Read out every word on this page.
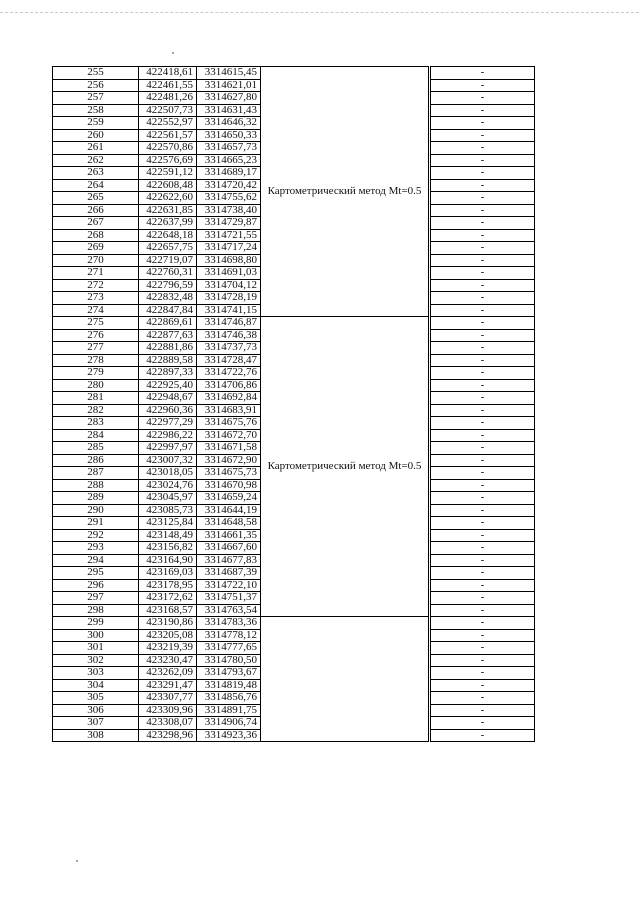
255	422418,61	3314615,45	Картометрический метод Mt=0.5		-
256	422461,55	3314621,01			-
257	422481,26	3314627,80			-
258	422507,73	3314631,43			-
259	422552,97	3314646,32			-
260	422561,57	3314650,33			-
261	422570,86	3314657,73			-
262	422576,69	3314665,23			-
263	422591,12	3314689,17			-
264	422608,48	3314720,42			-
265	422622,60	3314755,62			-
266	422631,85	3314738,40			-
267	422637,99	3314729,87			-
268	422648,18	3314721,55			-
269	422657,75	3314717,24			-
270	422719,07	3314698,80			-
271	422760,31	3314691,03			-
272	422796,59	3314704,12			-
273	422832,48	3314728,19			-
274	422847,84	3314741,15			-
275	422869,61	3314746,87	Картометрический метод Mt=0.5		-
276	422877,63	3314746,38			-
277	422881,86	3314737,73			-
278	422889,58	3314728,47			-
279	422897,33	3314722,76			-
280	422925,40	3314706,86			-
281	422948,67	3314692,84			-
282	422960,36	3314683,91			-
283	422977,29	3314675,76			-
284	422986,22	3314672,70			-
285	422997,97	3314671,58			-
286	423007,32	3314672,90			-
287	423018,05	3314675,73			-
288	423024,76	3314670,98			-
289	423045,97	3314659,24			-
290	423085,73	3314644,19			-
291	423125,84	3314648,58			-
292	423148,49	3314661,35			-
293	423156,82	3314667,60			-
294	423164,90	3314677,83			-
295	423169,03	3314687,39			-
296	423178,95	3314722,10			-
297	423172,62	3314751,37			-
298	423168,57	3314763,54			-
299	423190,86	3314783,36			-
300	423205,08	3314778,12			-
301	423219,39	3314777,65			-
302	423230,47	3314780,50			-
303	423262,09	3314793,67			-
304	423291,47	3314819,48			-
305	423307,77	3314856,76			-
306	423309,96	3314891,75			-
307	423308,07	3314906,74			-
308	423298,96	3314923,36			-
